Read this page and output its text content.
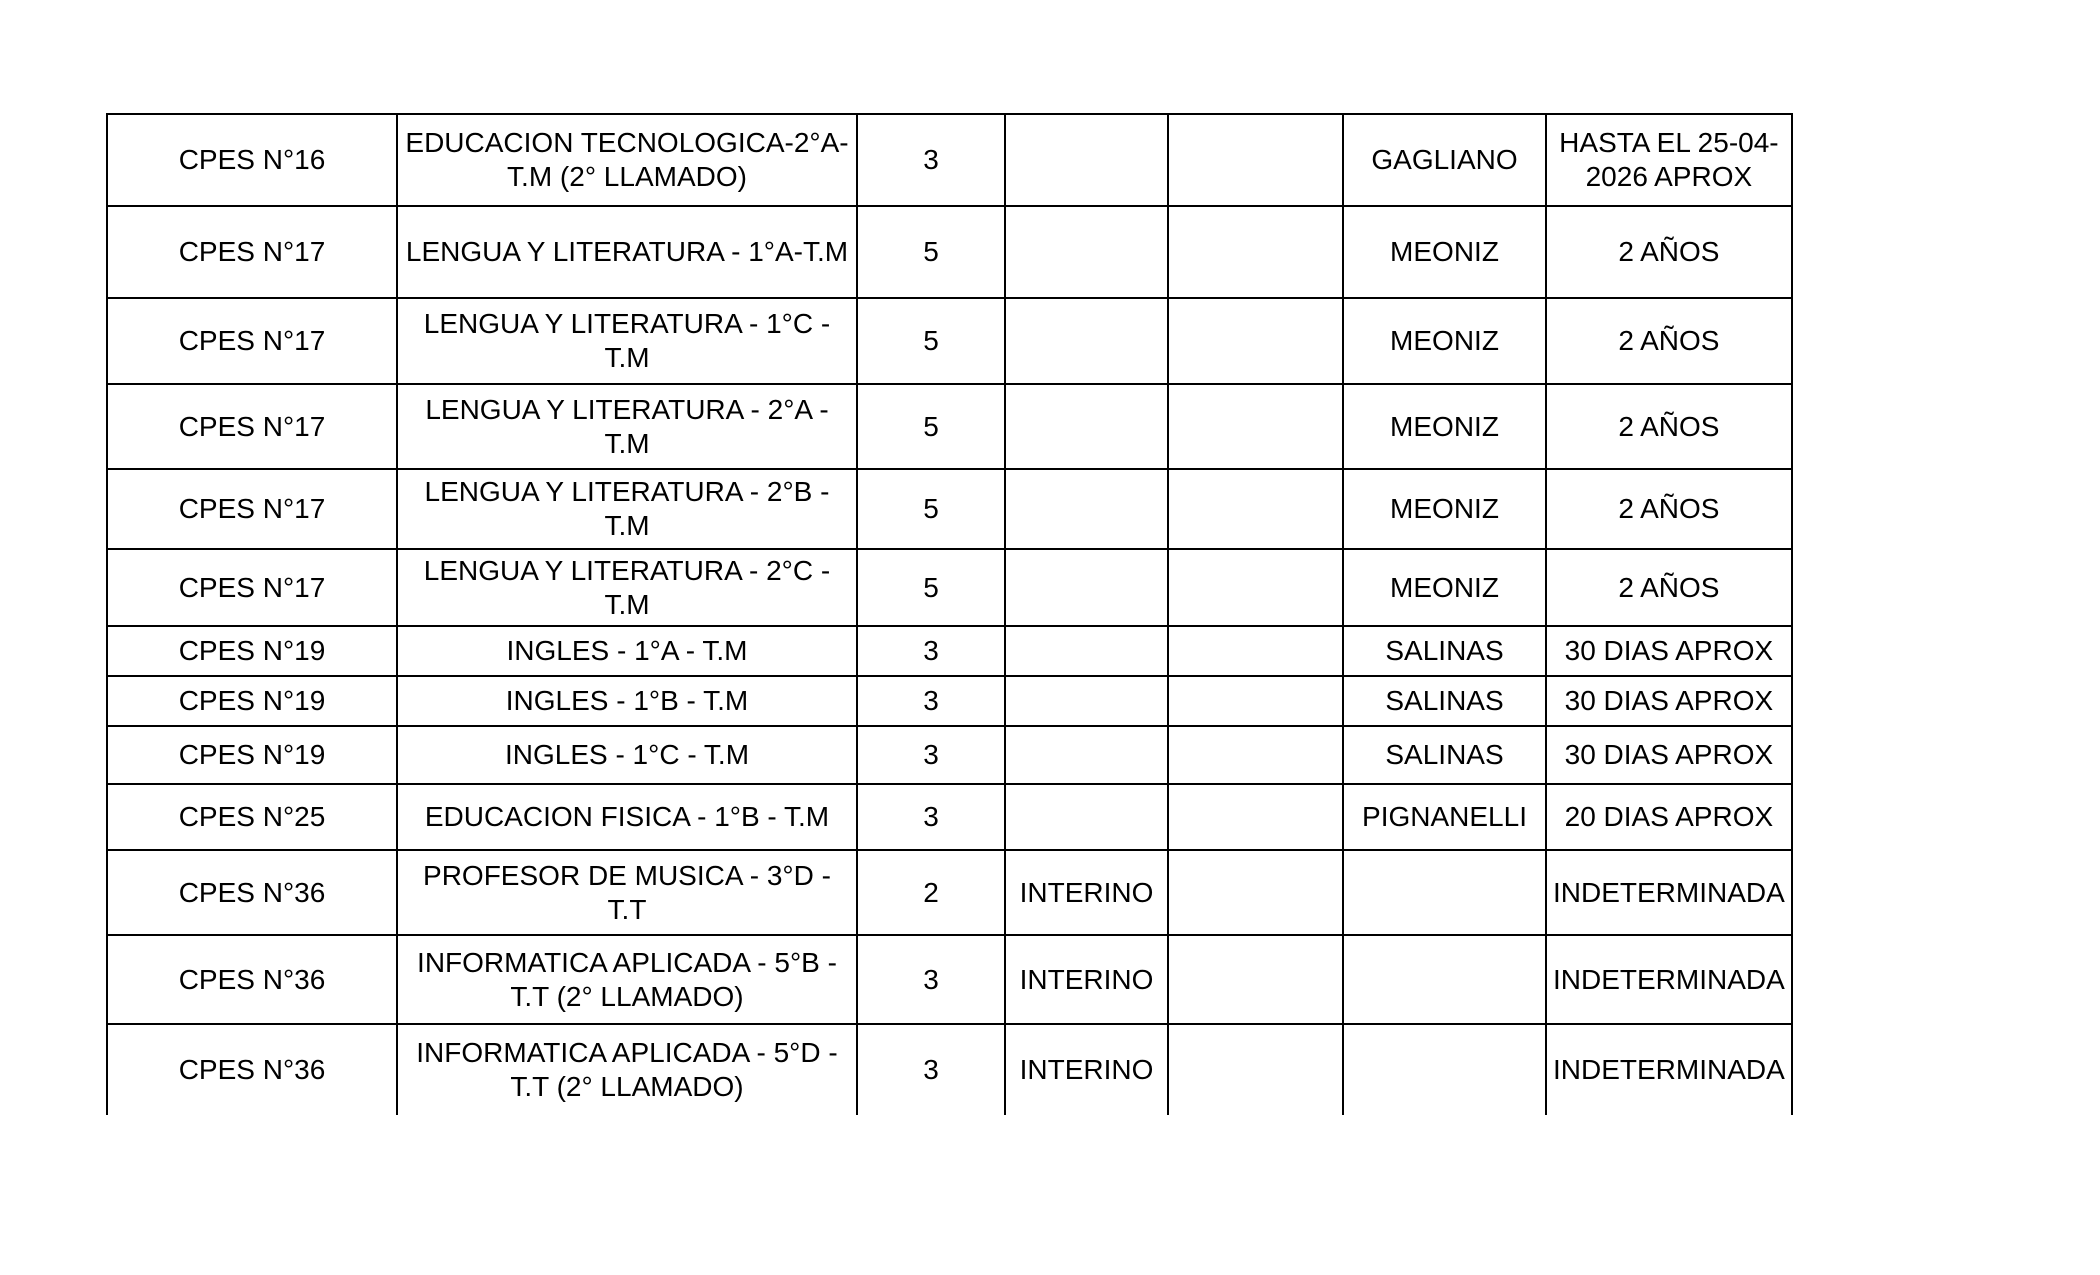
CPES N°16	EDUCACION TECNOLOGICA-2°A-T.M (2° LLAMADO)	3			GAGLIANO	HASTA EL 25-04-2026 APROX
CPES N°17	LENGUA Y LITERATURA - 1°A-T.M	5			MEONIZ	2 AÑOS
CPES N°17	LENGUA Y LITERATURA - 1°C - T.M	5			MEONIZ	2 AÑOS
CPES N°17	LENGUA Y LITERATURA - 2°A - T.M	5			MEONIZ	2 AÑOS
CPES N°17	LENGUA Y LITERATURA - 2°B - T.M	5			MEONIZ	2 AÑOS
CPES N°17	LENGUA Y LITERATURA - 2°C - T.M	5			MEONIZ	2 AÑOS
CPES N°19	INGLES - 1°A - T.M	3			SALINAS	30 DIAS APROX
CPES N°19	INGLES - 1°B - T.M	3			SALINAS	30 DIAS APROX
CPES N°19	INGLES - 1°C - T.M	3			SALINAS	30 DIAS APROX
CPES N°25	EDUCACION FISICA - 1°B - T.M	3			PIGNANELLI	20 DIAS APROX
CPES N°36	PROFESOR DE MUSICA - 3°D - T.T	2	INTERINO			INDETERMINADA
CPES N°36	INFORMATICA APLICADA - 5°B - T.T (2° LLAMADO)	3	INTERINO			INDETERMINADA
CPES N°36	INFORMATICA APLICADA - 5°D - T.T (2° LLAMADO)	3	INTERINO			INDETERMINADA
